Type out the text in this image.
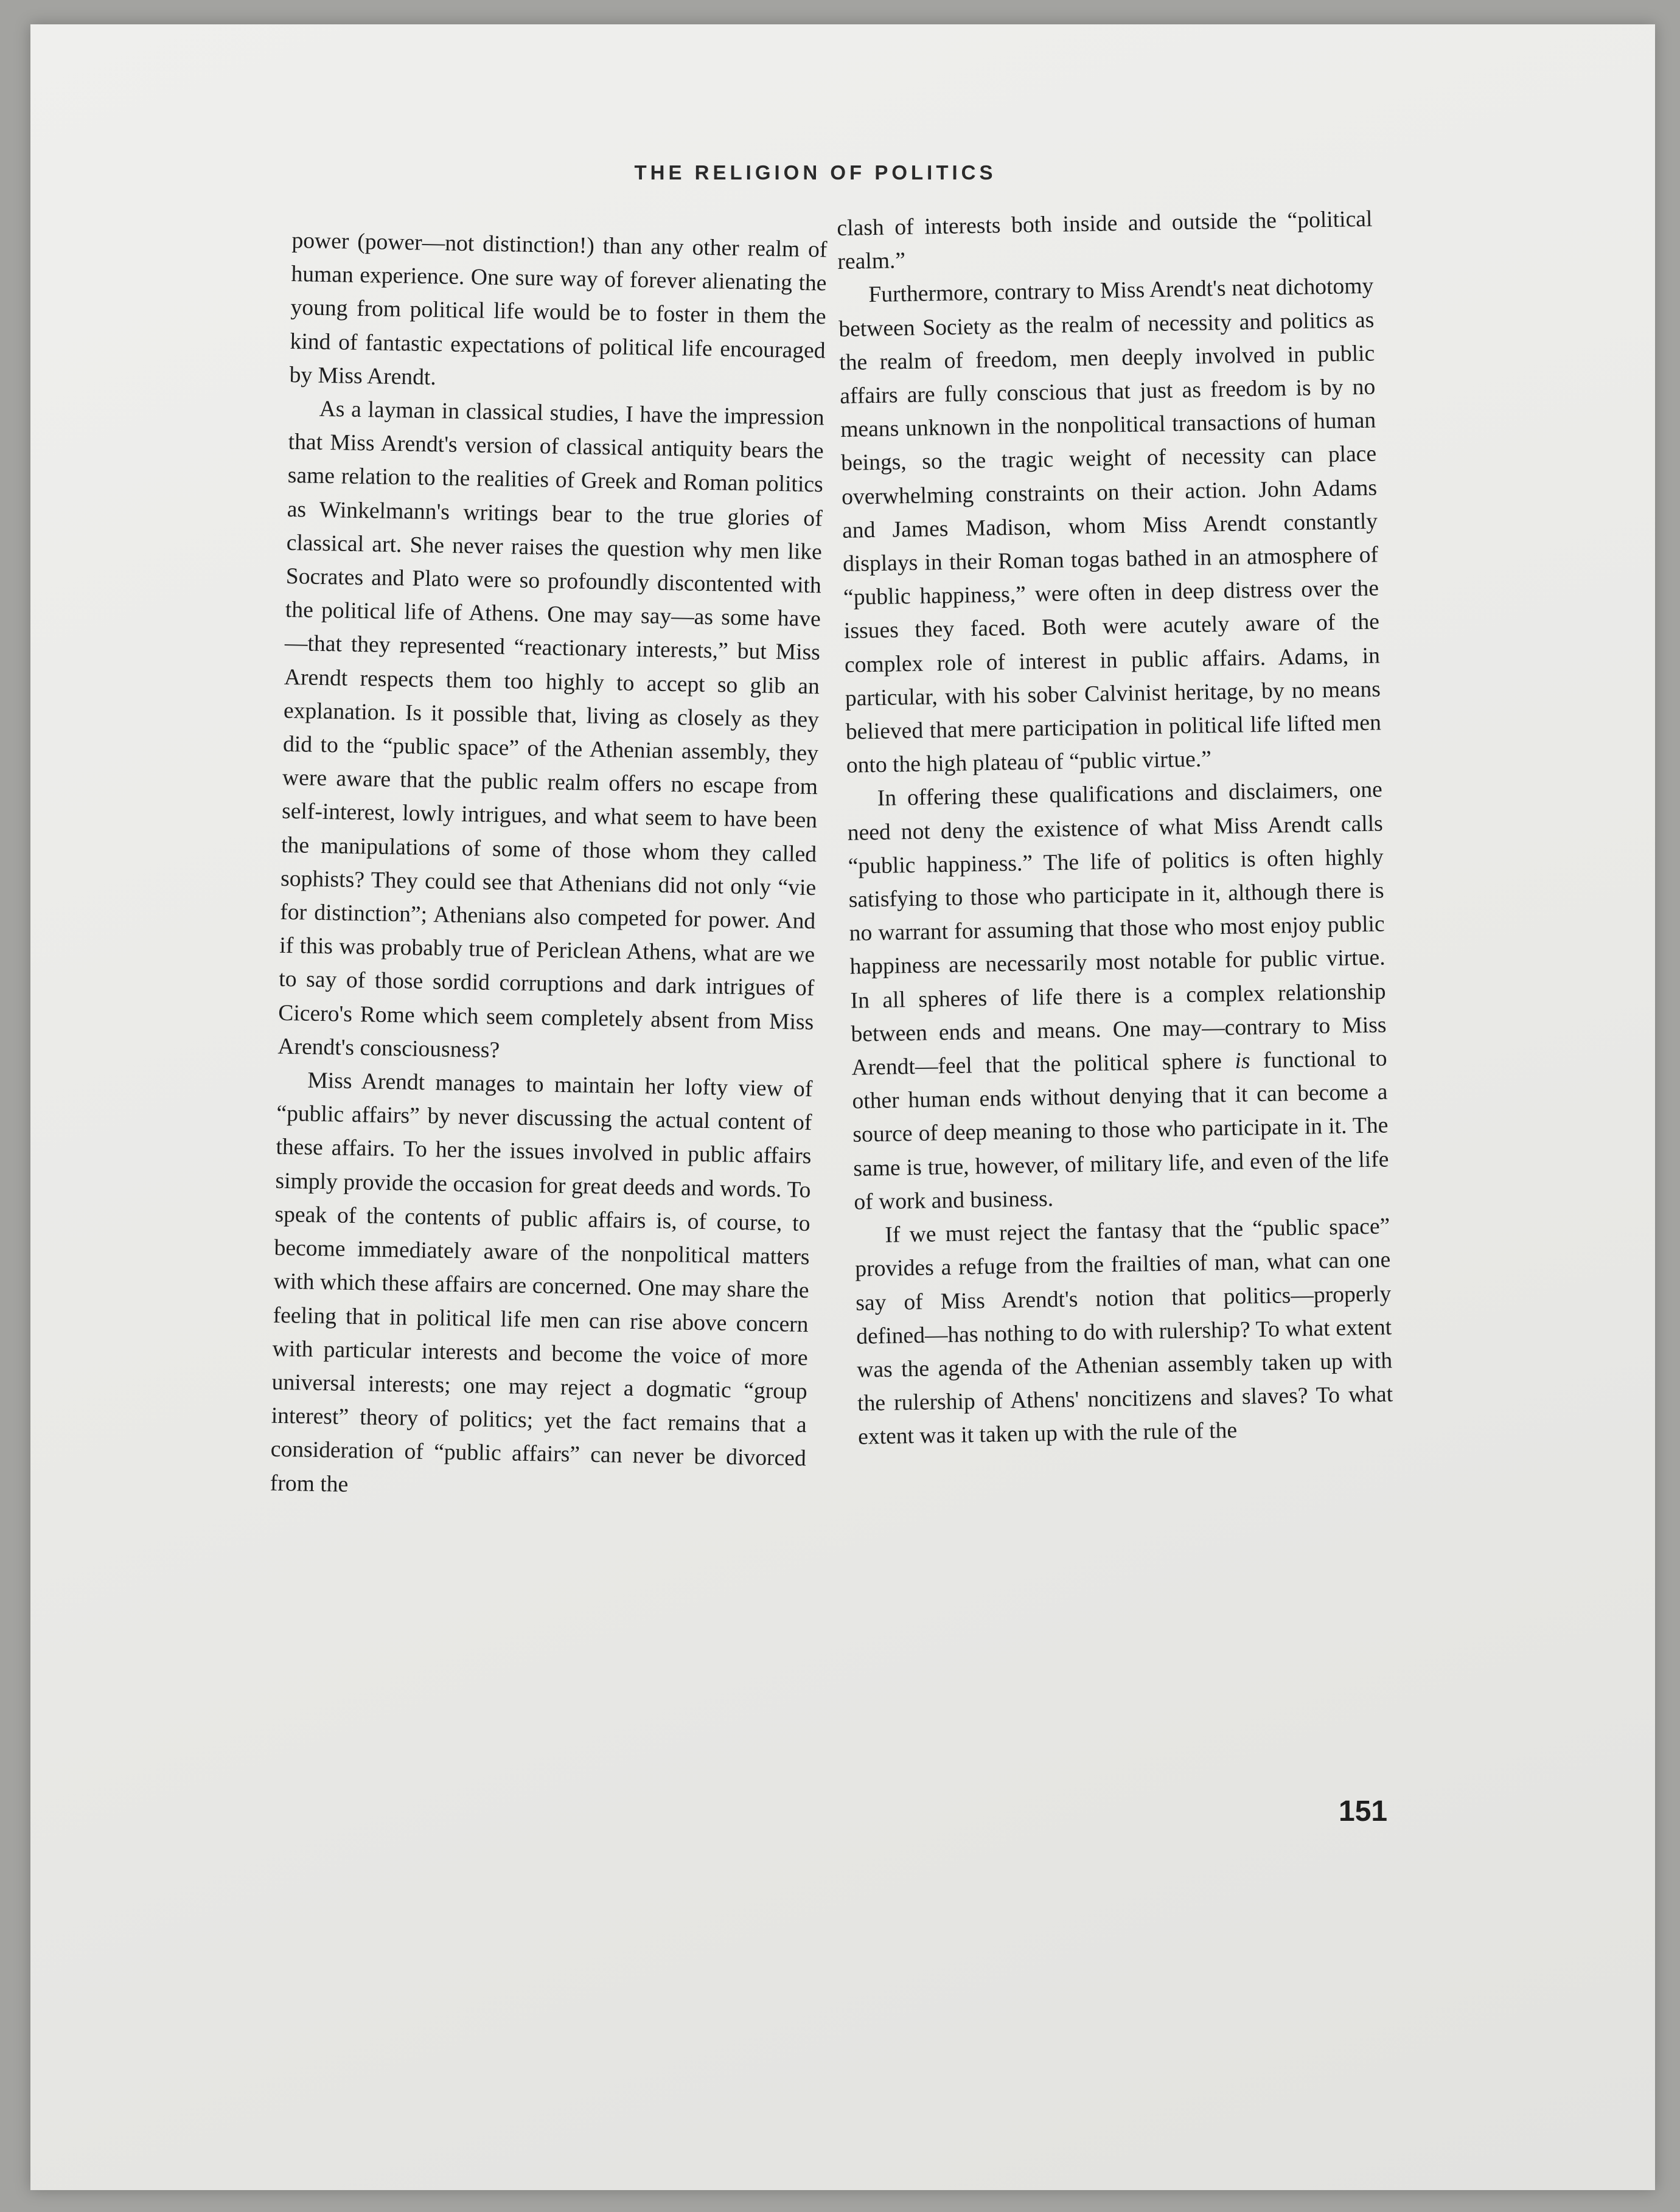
THE RELIGION OF POLITICS

power (power—not distinction!) than any other realm of human experience. One sure way of forever alienating the young from political life would be to foster in them the kind of fantastic expectations of political life encouraged by Miss Arendt.

As a layman in classical studies, I have the impression that Miss Arendt's version of classical antiquity bears the same relation to the realities of Greek and Roman politics as Winkelmann's writings bear to the true glories of classical art. She never raises the question why men like Socrates and Plato were so profoundly discontented with the political life of Athens. One may say—as some have—that they represented “reactionary interests,” but Miss Arendt respects them too highly to accept so glib an explanation. Is it possible that, living as closely as they did to the “public space” of the Athenian assembly, they were aware that the public realm offers no escape from self-interest, lowly intrigues, and what seem to have been the manipulations of some of those whom they called sophists? They could see that Athenians did not only “vie for distinction”; Athenians also competed for power. And if this was probably true of Periclean Athens, what are we to say of those sordid corruptions and dark intrigues of Cicero's Rome which seem completely absent from Miss Arendt's consciousness?

Miss Arendt manages to maintain her lofty view of “public affairs” by never discussing the actual content of these affairs. To her the issues involved in public affairs simply provide the occasion for great deeds and words. To speak of the contents of public affairs is, of course, to become immediately aware of the nonpolitical matters with which these affairs are concerned. One may share the feeling that in political life men can rise above concern with particular interests and become the voice of more universal interests; one may reject a dogmatic “group interest” theory of politics; yet the fact remains that a consideration of “public affairs” can never be divorced from the

clash of interests both inside and outside the “political realm.”

Furthermore, contrary to Miss Arendt's neat dichotomy between Society as the realm of necessity and politics as the realm of freedom, men deeply involved in public affairs are fully conscious that just as freedom is by no means unknown in the nonpolitical transactions of human beings, so the tragic weight of necessity can place overwhelming constraints on their action. John Adams and James Madison, whom Miss Arendt constantly displays in their Roman togas bathed in an atmosphere of “public happiness,” were often in deep distress over the issues they faced. Both were acutely aware of the complex role of interest in public affairs. Adams, in particular, with his sober Calvinist heritage, by no means believed that mere participation in political life lifted men onto the high plateau of “public virtue.”

In offering these qualifications and disclaimers, one need not deny the existence of what Miss Arendt calls “public happiness.” The life of politics is often highly satisfying to those who participate in it, although there is no warrant for assuming that those who most enjoy public happiness are necessarily most notable for public virtue. In all spheres of life there is a complex relationship between ends and means. One may—contrary to Miss Arendt—feel that the political sphere is functional to other human ends without denying that it can become a source of deep meaning to those who participate in it. The same is true, however, of military life, and even of the life of work and business.

If we must reject the fantasy that the “public space” provides a refuge from the frailties of man, what can one say of Miss Arendt's notion that politics—properly defined—has nothing to do with rulership? To what extent was the agenda of the Athenian assembly taken up with the rulership of Athens' noncitizens and slaves? To what extent was it taken up with the rule of the

151
